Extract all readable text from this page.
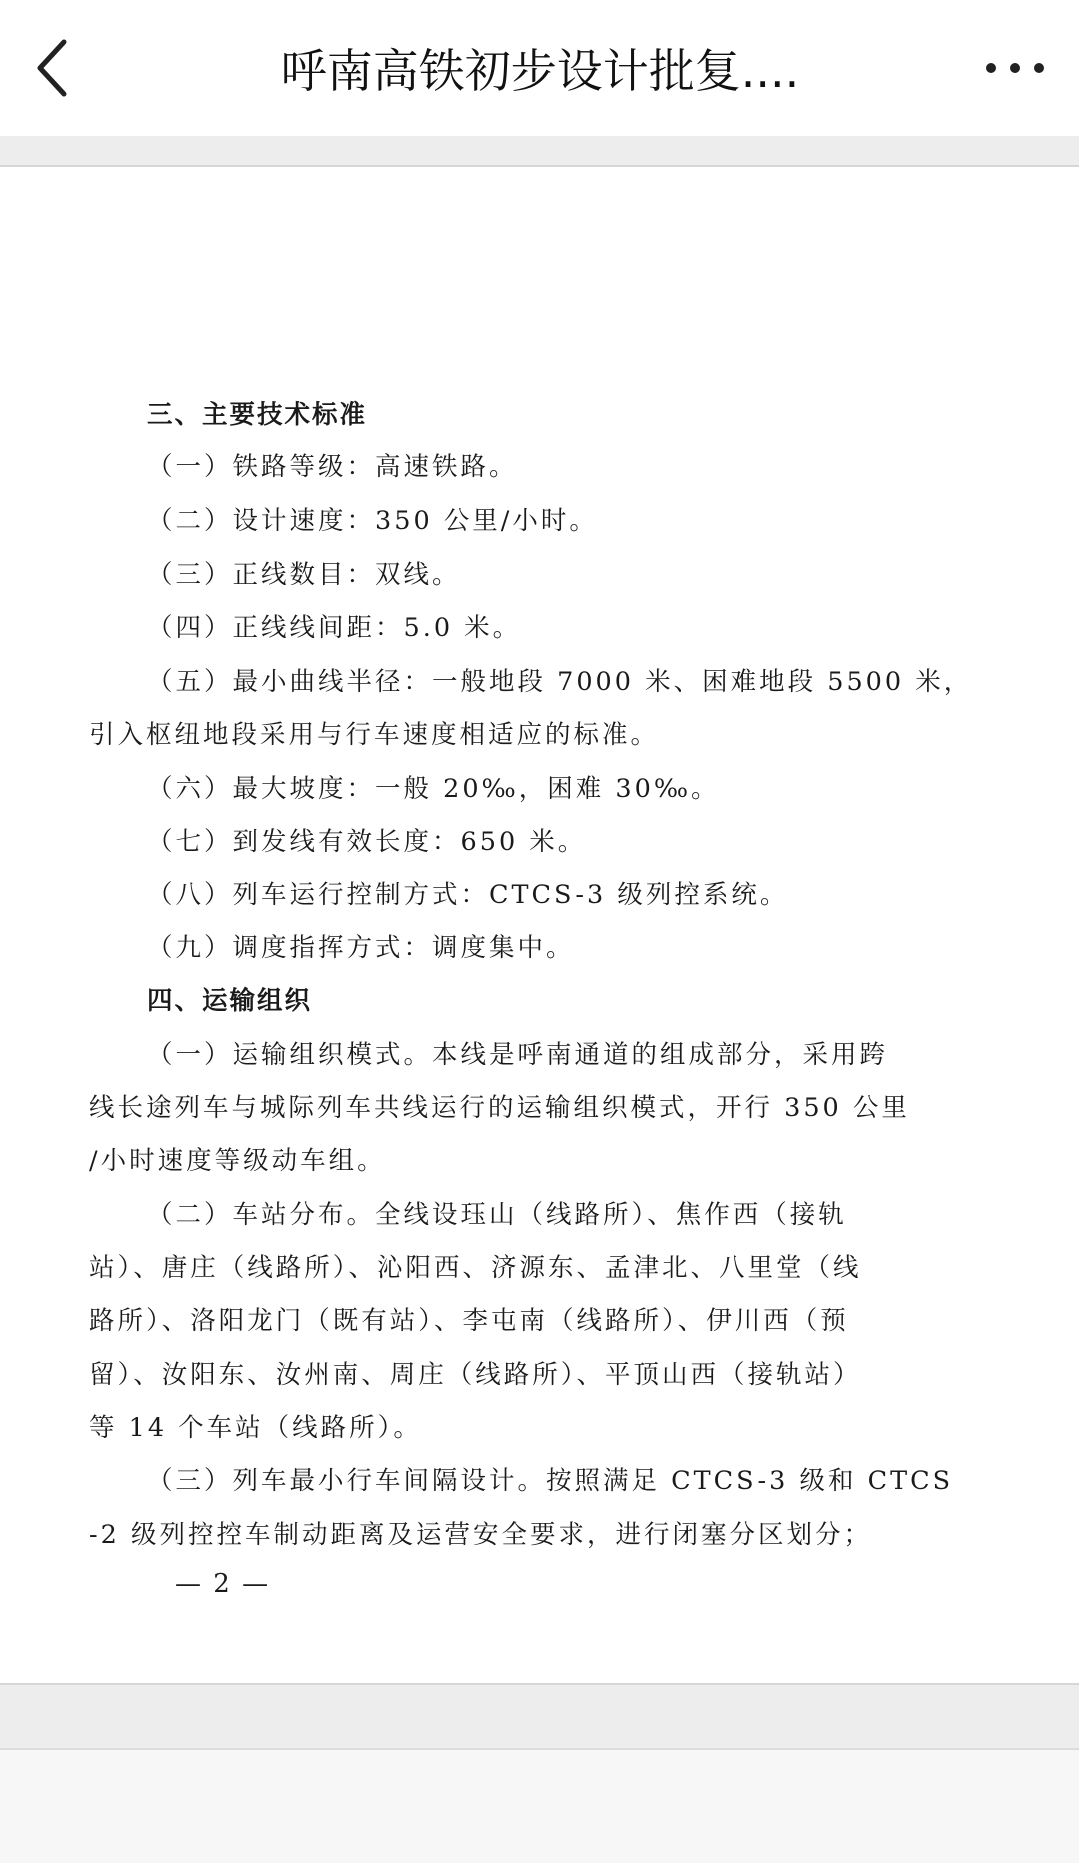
呼南高铁初步设计批复....
三、主要技术标准
（一）铁路等级：高速铁路。
（二）设计速度：350 公里/小时。
（三）正线数目：双线。
（四）正线线间距：5.0 米。
（五）最小曲线半径：一般地段 7000 米、困难地段 5500 米，
引入枢纽地段采用与行车速度相适应的标准。
（六）最大坡度：一般 20‰，困难 30‰。
（七）到发线有效长度：650 米。
（八）列车运行控制方式：CTCS-3 级列控系统。
（九）调度指挥方式：调度集中。
四、运输组织
（一）运输组织模式。本线是呼南通道的组成部分，采用跨
线长途列车与城际列车共线运行的运输组织模式，开行 350 公里
/小时速度等级动车组。
（二）车站分布。全线设珏山（线路所）、焦作西（接轨
站）、唐庄（线路所）、沁阳西、济源东、孟津北、八里堂（线
路所）、洛阳龙门（既有站）、李屯南（线路所）、伊川西（预
留）、汝阳东、汝州南、周庄（线路所）、平顶山西（接轨站）
等 14 个车站（线路所）。
（三）列车最小行车间隔设计。按照满足 CTCS-3 级和 CTCS
-2 级列控控车制动距离及运营安全要求，进行闭塞分区划分；
— 2 —
